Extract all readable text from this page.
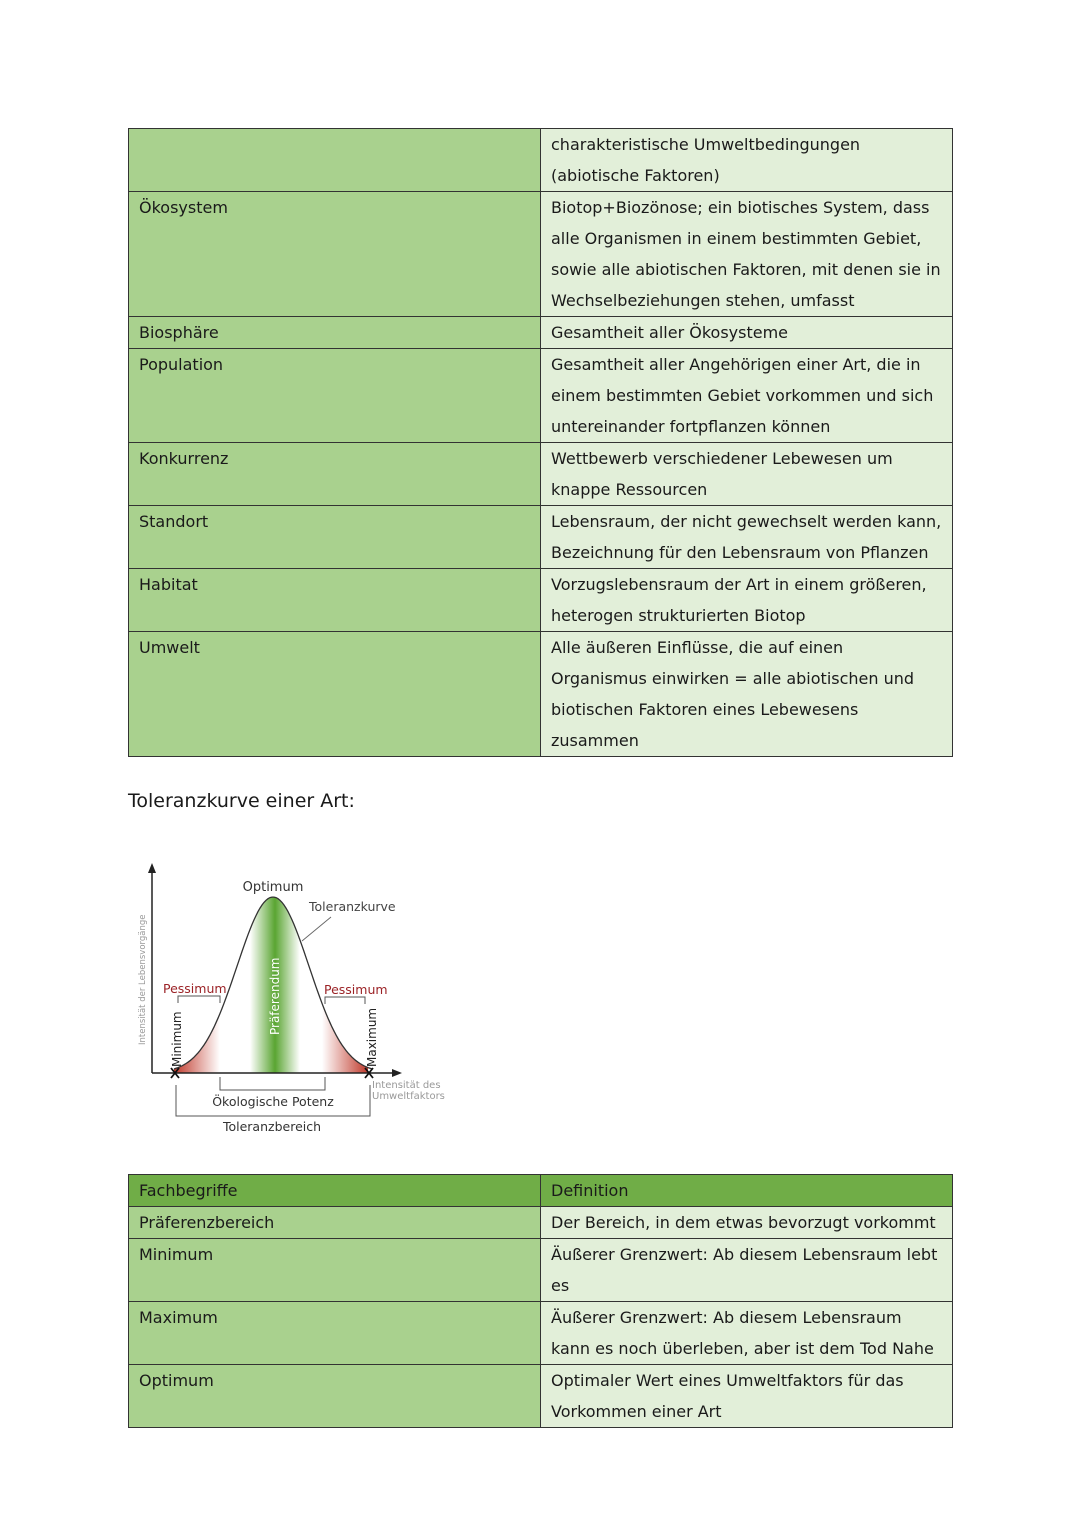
	charakteristische Umweltbedingungen (abiotische Faktoren)
Ökosystem	Biotop+Biozönose; ein biotisches System, dass alle Organismen in einem bestimmten Gebiet, sowie alle abiotischen Faktoren, mit denen sie in Wechselbeziehungen stehen, umfasst
Biosphäre	Gesamtheit aller Ökosysteme
Population	Gesamtheit aller Angehörigen einer Art, die in einem bestimmten Gebiet vorkommen und sich untereinander fortpflanzen können
Konkurrenz	Wettbewerb verschiedener Lebewesen um knappe Ressourcen
Standort	Lebensraum, der nicht gewechselt werden kann, Bezeichnung für den Lebensraum von Pflanzen
Habitat	Vorzugslebensraum der Art in einem größeren, heterogen strukturierten Biotop
Umwelt	Alle äußeren Einflüsse, die auf einen Organismus einwirken = alle abiotischen und biotischen Faktoren eines Lebewesens zusammen
Toleranzkurve einer Art:
Intensität der Lebensvorgänge
Intensität des
Umweltfaktors
Optimum
Toleranzkurve
Pessimum	Pessimum
Minimum	Maximum
Präferendum
Ökologische Potenz
Toleranzbereich
Fachbegriffe	Definition
Präferenzbereich	Der Bereich, in dem etwas bevorzugt vorkommt
Minimum	Äußerer Grenzwert: Ab diesem Lebensraum lebt es
Maximum	Äußerer Grenzwert: Ab diesem Lebensraum kann es noch überleben, aber ist dem Tod Nahe
Optimum	Optimaler Wert eines Umweltfaktors für das Vorkommen einer Art
